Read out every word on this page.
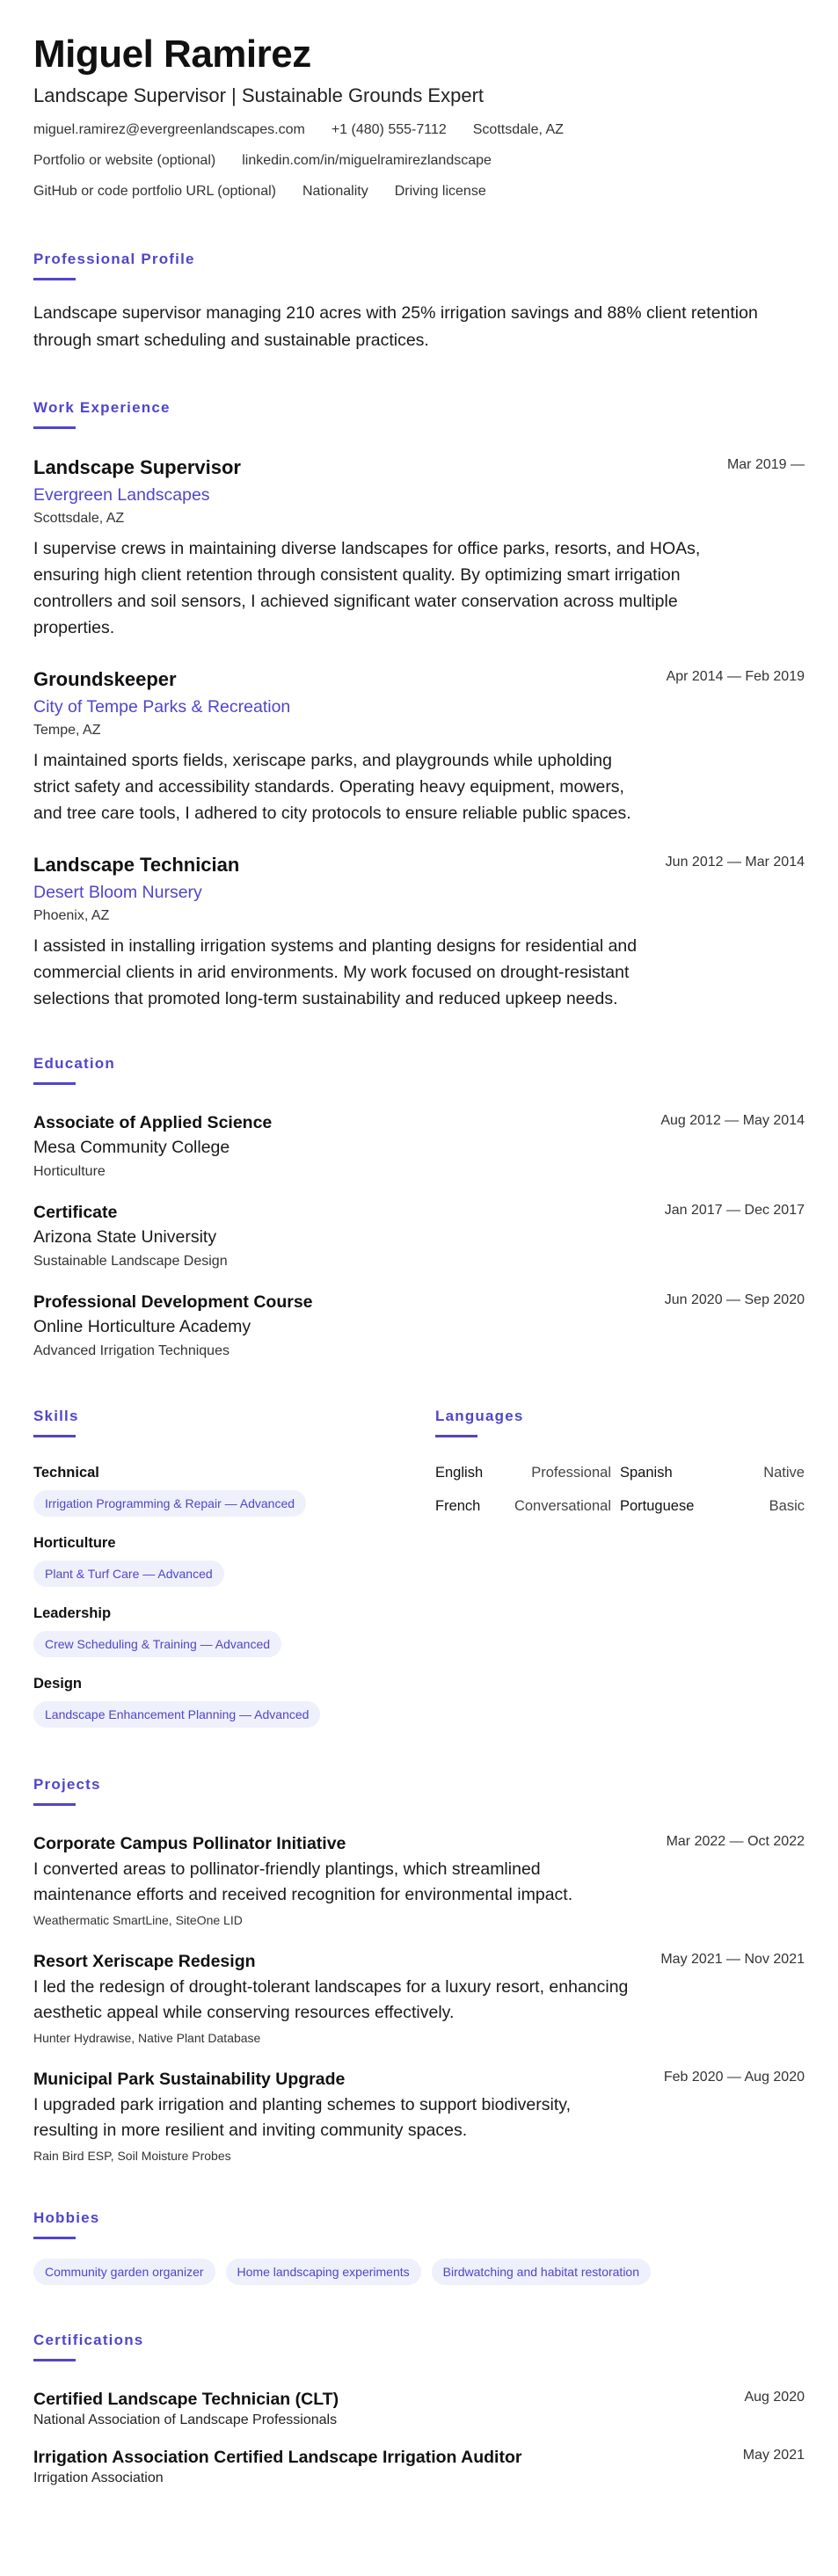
Miguel Ramirez
Landscape Supervisor | Sustainable Grounds Expert
miguel.ramirez@evergreenlandscapes.com +1 (480) 555-7112 Scottsdale, AZ
Portfolio or website (optional) linkedin.com/in/miguelramirezlandscape
GitHub or code portfolio URL (optional) Nationality Driving license
Professional Profile
Landscape supervisor managing 210 acres with 25% irrigation savings and 88% client retention through smart scheduling and sustainable practices.
Work Experience
Landscape Supervisor	Mar 2019 —
Evergreen Landscapes
Scottsdale, AZ
I supervise crews in maintaining diverse landscapes for office parks, resorts, and HOAs, ensuring high client retention through consistent quality. By optimizing smart irrigation controllers and soil sensors, I achieved significant water conservation across multiple properties.
Groundskeeper	Apr 2014 — Feb 2019
City of Tempe Parks & Recreation
Tempe, AZ
I maintained sports fields, xeriscape parks, and playgrounds while upholding strict safety and accessibility standards. Operating heavy equipment, mowers, and tree care tools, I adhered to city protocols to ensure reliable public spaces.
Landscape Technician	Jun 2012 — Mar 2014
Desert Bloom Nursery
Phoenix, AZ
I assisted in installing irrigation systems and planting designs for residential and commercial clients in arid environments. My work focused on drought-resistant selections that promoted long-term sustainability and reduced upkeep needs.
Education
Associate of Applied Science	Aug 2012 — May 2014
Mesa Community College
Horticulture
Certificate	Jan 2017 — Dec 2017
Arizona State University
Sustainable Landscape Design
Professional Development Course	Jun 2020 — Sep 2020
Online Horticulture Academy
Advanced Irrigation Techniques
Skills
Technical
Irrigation Programming & Repair — Advanced
Horticulture
Plant & Turf Care — Advanced
Leadership
Crew Scheduling & Training — Advanced
Design
Landscape Enhancement Planning — Advanced
Languages
English	Professional Spanish	Native
French Conversational Portuguese	Basic
Projects
Corporate Campus Pollinator Initiative	Mar 2022 — Oct 2022
I converted areas to pollinator-friendly plantings, which streamlined maintenance efforts and received recognition for environmental impact.
Weathermatic SmartLine, SiteOne LID
Resort Xeriscape Redesign	May 2021 — Nov 2021
I led the redesign of drought-tolerant landscapes for a luxury resort, enhancing aesthetic appeal while conserving resources effectively.
Hunter Hydrawise, Native Plant Database
Municipal Park Sustainability Upgrade	Feb 2020 — Aug 2020
I upgraded park irrigation and planting schemes to support biodiversity, resulting in more resilient and inviting community spaces.
Rain Bird ESP, Soil Moisture Probes
Hobbies
Community garden organizer	Home landscaping experiments	Birdwatching and habitat restoration
Certifications
Certified Landscape Technician (CLT)	Aug 2020
National Association of Landscape Professionals
Irrigation Association Certified Landscape Irrigation Auditor	May 2021
Irrigation Association
